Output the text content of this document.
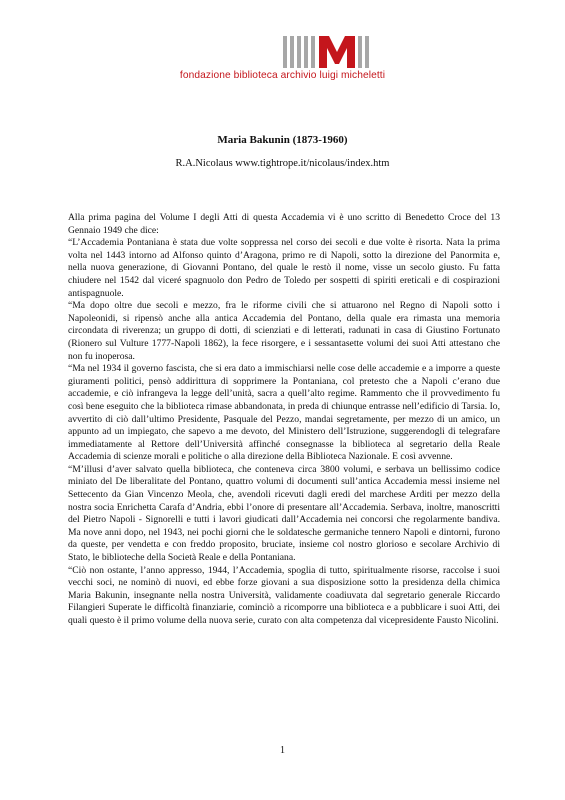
fondazione biblioteca archivio luigi micheletti
Maria Bakunin (1873-1960)
R.A.Nicolaus www.tightrope.it/nicolaus/index.htm

Alla prima pagina del Volume I degli Atti di questa Accademia vi è uno scritto di Benedetto Croce del 13 Gennaio 1949 che dice:

“L’Accademia Pontaniana è stata due volte soppressa nel corso dei secoli e due volte è risorta. Nata la prima volta nel 1443 intorno ad Alfonso quinto d’Aragona, primo re di Napoli, sotto la direzione del Panormita e, nella nuova generazione, di Giovanni Pontano, del quale le restò il nome, visse un secolo giusto. Fu fatta chiudere nel 1542 dal viceré spagnuolo don Pedro de Toledo per sospetti di spiriti ereticali e di cospirazioni antispagnuole.

“Ma dopo oltre due secoli e mezzo, fra le riforme civili che si attuarono nel Regno di Napoli sotto i Napoleonidi, si ripensò anche alla antica Accademia del Pontano, della quale era rimasta una memoria circondata di riverenza; un gruppo di dotti, di scienziati e di letterati, radunati in casa di Giustino Fortunato (Rionero sul Vulture 1777-Napoli 1862), la fece risorgere, e i sessantasette volumi dei suoi Atti attestano che non fu inoperosa.

“Ma nel 1934 il governo fascista, che si era dato a immischiarsi nelle cose delle accademie e a imporre a queste giuramenti politici, pensò addirittura di sopprimere la Pontaniana, col pretesto che a Napoli c’erano due accademie, e ciò infrangeva la legge dell’unità, sacra a quell’alto regime. Rammento che il provvedimento fu così bene eseguito che la biblioteca rimase abbandonata, in preda di chiunque entrasse nell’edificio di Tarsia. Io, avvertito di ciò dall’ultimo Presidente, Pasquale del Pezzo, mandai segretamente, per mezzo di un amico, un appunto ad un impiegato, che sapevo a me devoto, del Ministero dell’Istruzione, suggerendogli di telegrafare immediatamente al Rettore dell’Università affinché consegnasse la biblioteca al segretario della Reale Accademia di scienze morali e politiche o alla direzione della Biblioteca Nazionale. E così avvenne.

“M’illusi d’aver salvato quella biblioteca, che conteneva circa 3800 volumi, e serbava un bellissimo codice miniato del De liberalitate del Pontano, quattro volumi di documenti sull’antica Accademia messi insieme nel Settecento da Gian Vincenzo Meola, che, avendoli ricevuti dagli eredi del marchese Arditi per mezzo della nostra socia Enrichetta Carafa d’Andria, ebbi l’onore di presentare all’Accademia. Serbava, inoltre, manoscritti del Pietro Napoli - Signorelli e tutti i lavori giudicati dall’Accademia nei concorsi che regolarmente bandiva. Ma nove anni dopo, nel 1943, nei pochi giorni che le soldatesche germaniche tennero Napoli e dintorni, furono da queste, per vendetta e con freddo proposito, bruciate, insieme col nostro glorioso e secolare Archivio di Stato, le biblioteche della Società Reale e della Pontaniana.

“Ciò non ostante, l’anno appresso, 1944, l’Accademia, spoglia di tutto, spiritualmente risorse, raccolse i suoi vecchi soci, ne nominò di nuovi, ed ebbe forze giovani a sua disposizione sotto la presidenza della chimica Maria Bakunin, insegnante nella nostra Università, validamente coadiuvata dal segretario generale Riccardo Filangieri Superate le difficoltà finanziarie, cominciò a ricomporre una biblioteca e a pubblicare i suoi Atti, dei quali questo è il primo volume della nuova serie, curato con alta competenza dal vicepresidente Fausto Nicolini.

1
